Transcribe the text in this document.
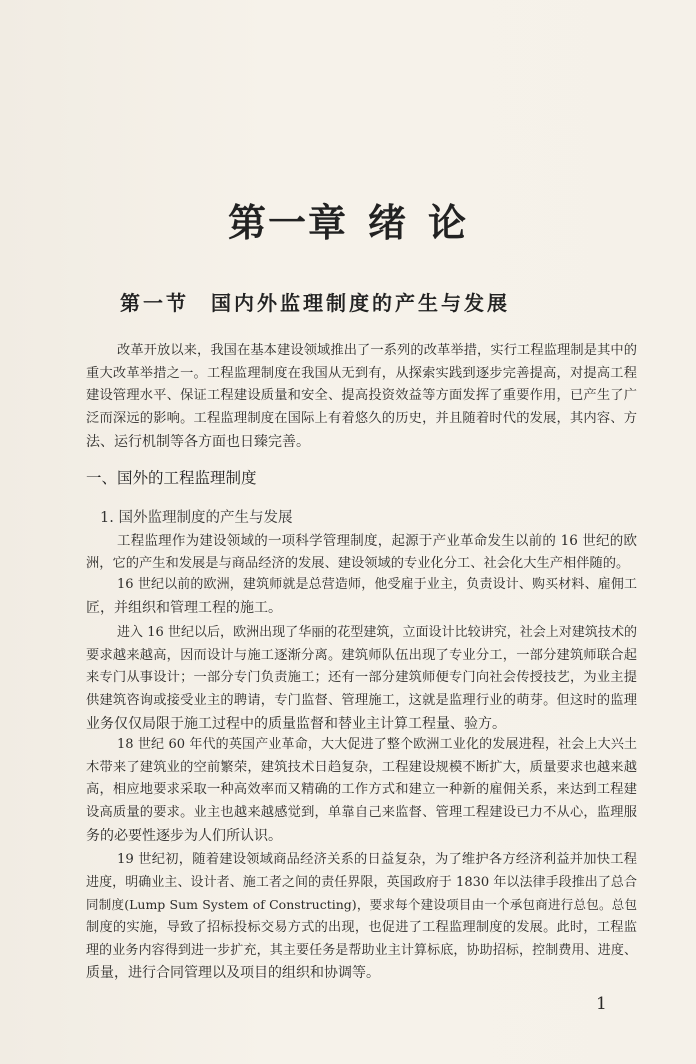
第一章 绪 论
第一节 国内外监理制度的产生与发展
一、国外的工程监理制度
1. 国外监理制度的产生与发展
改革开放以来，我国在基本建设领域推出了一系列的改革举措，实行工程监理制是其中的
重大改革举措之一。工程监理制度在我国从无到有，从探索实践到逐步完善提高，对提高工程
建设管理水平、保证工程建设质量和安全、提高投资效益等方面发挥了重要作用，已产生了广
泛而深远的影响。工程监理制度在国际上有着悠久的历史，并且随着时代的发展，其内容、方
法、运行机制等各方面也日臻完善。
工程监理作为建设领域的一项科学管理制度，起源于产业革命发生以前的 16 世纪的欧
洲，它的产生和发展是与商品经济的发展、建设领域的专业化分工、社会化大生产相伴随的。
16 世纪以前的欧洲，建筑师就是总营造师，他受雇于业主，负责设计、购买材料、雇佣工
匠，并组织和管理工程的施工。
进入 16 世纪以后，欧洲出现了华丽的花型建筑，立面设计比较讲究，社会上对建筑技术的
要求越来越高，因而设计与施工逐渐分离。建筑师队伍出现了专业分工，一部分建筑师联合起
来专门从事设计；一部分专门负责施工；还有一部分建筑师便专门向社会传授技艺，为业主提
供建筑咨询或接受业主的聘请，专门监督、管理施工，这就是监理行业的萌芽。但这时的监理
业务仅仅局限于施工过程中的质量监督和替业主计算工程量、验方。
18 世纪 60 年代的英国产业革命，大大促进了整个欧洲工业化的发展进程，社会上大兴土
木带来了建筑业的空前繁荣，建筑技术日趋复杂，工程建设规模不断扩大，质量要求也越来越
高，相应地要求采取一种高效率而又精确的工作方式和建立一种新的雇佣关系，来达到工程建
设高质量的要求。业主也越来越感觉到，单靠自己来监督、管理工程建设已力不从心，监理服
务的必要性逐步为人们所认识。
19 世纪初，随着建设领域商品经济关系的日益复杂，为了维护各方经济利益并加快工程
进度，明确业主、设计者、施工者之间的责任界限，英国政府于 1830 年以法律手段推出了总合
同制度(Lump Sum System of Constructing)，要求每个建设项目由一个承包商进行总包。总包
制度的实施，导致了招标投标交易方式的出现，也促进了工程监理制度的发展。此时，工程监
理的业务内容得到进一步扩充，其主要任务是帮助业主计算标底，协助招标，控制费用、进度、
质量，进行合同管理以及项目的组织和协调等。
1
